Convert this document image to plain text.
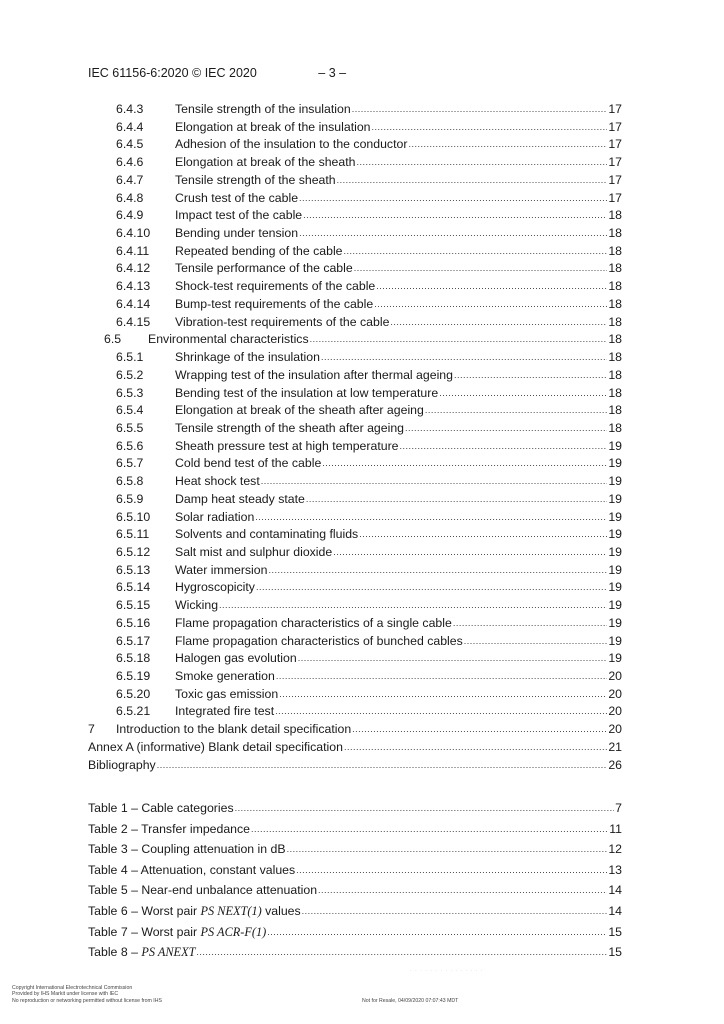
IEC 61156-6:2020 © IEC 2020	– 3 –
6.4.3	Tensile strength of the insulation .....	17
6.4.4	Elongation at break of the insulation .....	17
6.4.5	Adhesion of the insulation to the conductor .....	17
6.4.6	Elongation at break of the sheath .....	17
6.4.7	Tensile strength of the sheath .....	17
6.4.8	Crush test of the cable .....	17
6.4.9	Impact test of the cable .....	18
6.4.10 Bending under tension .....	18
6.4.11 Repeated bending of the cable .....	18
6.4.12 Tensile performance of the cable .....	18
6.4.13 Shock-test requirements of the cable .....	18
6.4.14 Bump-test requirements of the cable .....	18
6.4.15 Vibration-test requirements of the cable .....	18
6.5 Environmental characteristics .....	18
6.5.1	Shrinkage of the insulation .....	18
6.5.2	Wrapping test of the insulation after thermal ageing .....	18
6.5.3	Bending test of the insulation at low temperature .....	18
6.5.4	Elongation at break of the sheath after ageing .....	18
6.5.5	Tensile strength of the sheath after ageing .....	18
6.5.6	Sheath pressure test at high temperature .....	19
6.5.7	Cold bend test of the cable .....	19
6.5.8	Heat shock test .....	19
6.5.9	Damp heat steady state .....	19
6.5.10 Solar radiation .....	19
6.5.11 Solvents and contaminating fluids .....	19
6.5.12 Salt mist and sulphur dioxide .....	19
6.5.13 Water immersion .....	19
6.5.14 Hygroscopicity .....	19
6.5.15 Wicking .....	19
6.5.16 Flame propagation characteristics of a single cable .....	19
6.5.17 Flame propagation characteristics of bunched cables .....	19
6.5.18 Halogen gas evolution .....	19
6.5.19 Smoke generation .....	20
6.5.20 Toxic gas emission .....	20
6.5.21 Integrated fire test .....	20
7 Introduction to the blank detail specification .....	20
Annex A (informative) Blank detail specification .....	21
Bibliography .....	26
Table 1 – Cable categories .....	7
Table 2 – Transfer impedance .....	11
Table 3 – Coupling attenuation in dB .....	12
Table 4 – Attenuation, constant values .....	13
Table 5 – Near-end unbalance attenuation .....	14
Table 6 – Worst pair PS NEXT(1) values .....	14
Table 7 – Worst pair PS ACR-F(1) .....	15
Table 8 – PS ANEXT .....	15
· · · · · · · · · · · · · · ·
Copyright International Electrotechnical Commission
Provided by IHS Markit under license with IEC
No reproduction or networking permitted without license from IHS	Not for Resale, 04/09/2020 07:07:43 MDT
